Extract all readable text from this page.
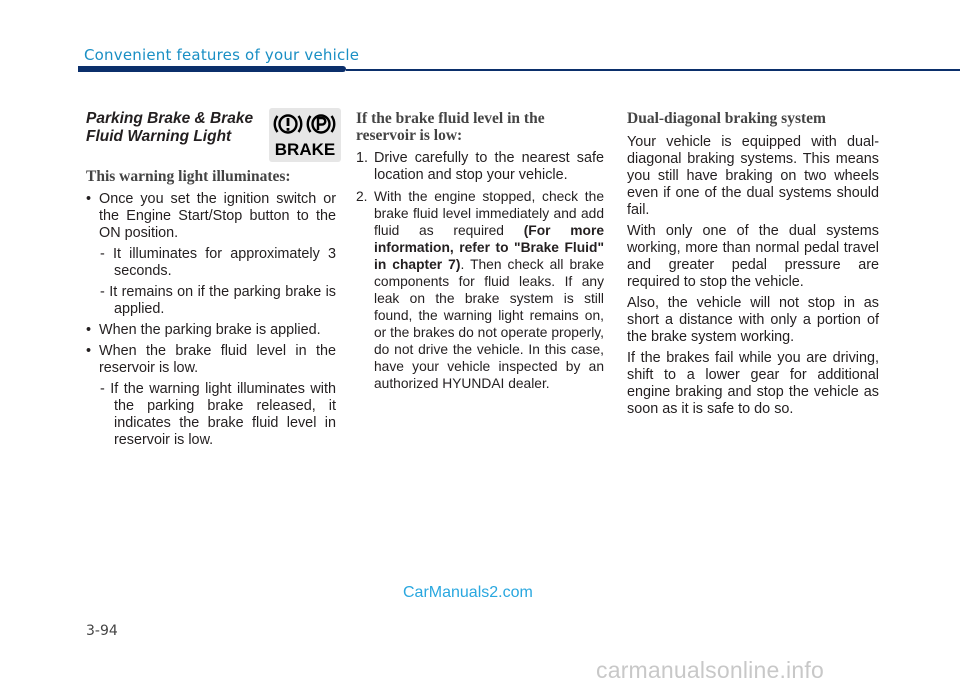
Convenient features of your vehicle

Parking Brake & Brake Fluid Warning Light

BRAKE

This warning light illuminates:

• Once you set the ignition switch or the Engine Start/Stop button to the ON position.
- It illuminates for approximately 3 seconds.
- It remains on if the parking brake is applied.
• When the parking brake is applied.
• When the brake fluid level in the reservoir is low.
- If the warning light illuminates with the parking brake released, it indicates the brake fluid level in reservoir is low.

If the brake fluid level in the reservoir is low:

1. Drive carefully to the nearest safe location and stop your vehicle.
2. With the engine stopped, check the brake fluid level immediately and add fluid as required (For more information, refer to "Brake Fluid" in chapter 7). Then check all brake components for fluid leaks. If any leak on the brake system is still found, the warning light remains on, or the brakes do not operate properly, do not drive the vehicle. In this case, have your vehicle inspected by an authorized HYUNDAI dealer.

Dual-diagonal braking system

Your vehicle is equipped with dual-diagonal braking systems. This means you still have braking on two wheels even if one of the dual systems should fail.

With only one of the dual systems working, more than normal pedal travel and greater pedal pressure are required to stop the vehicle.

Also, the vehicle will not stop in as short a distance with only a portion of the brake system working.

If the brakes fail while you are driving, shift to a lower gear for additional engine braking and stop the vehicle as soon as it is safe to do so.

CarManuals2.com
3-94
carmanualsonline.info
